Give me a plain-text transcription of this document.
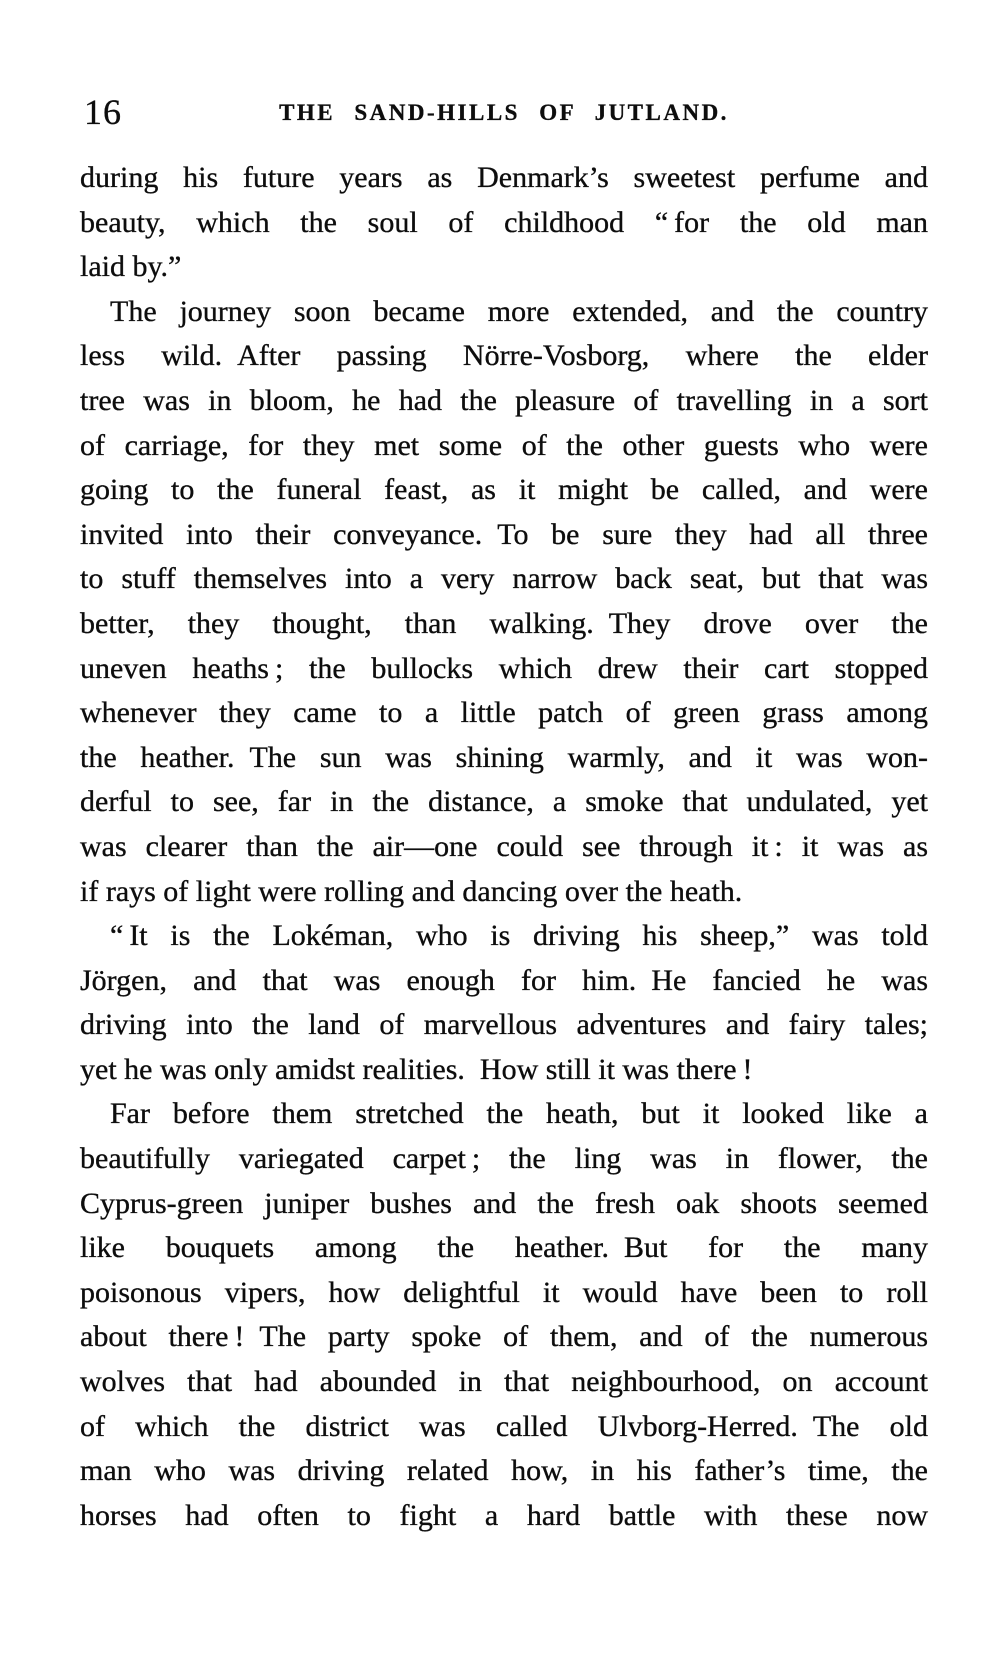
16	THE SAND-HILLS OF JUTLAND.
during his future years as Denmark’s sweetest perfume and
beauty, which the soul of childhood “ for the old man
laid by.”
The journey soon became more extended, and the country
less wild. After passing Nörre-Vosborg, where the elder
tree was in bloom, he had the pleasure of travelling in a sort
of carriage, for they met some of the other guests who were
going to the funeral feast, as it might be called, and were
invited into their conveyance. To be sure they had all three
to stuff themselves into a very narrow back seat, but that was
better, they thought, than walking. They drove over the
uneven heaths ; the bullocks which drew their cart stopped
whenever they came to a little patch of green grass among
the heather. The sun was shining warmly, and it was won-
derful to see, far in the distance, a smoke that undulated, yet
was clearer than the air—one could see through it : it was as
if rays of light were rolling and dancing over the heath.
“ It is the Lokéman, who is driving his sheep,” was told
Jörgen, and that was enough for him. He fancied he was
driving into the land of marvellous adventures and fairy tales;
yet he was only amidst realities. How still it was there !
Far before them stretched the heath, but it looked like a
beautifully variegated carpet ; the ling was in flower, the
Cyprus-green juniper bushes and the fresh oak shoots seemed
like bouquets among the heather. But for the many
poisonous vipers, how delightful it would have been to roll
about there ! The party spoke of them, and of the numerous
wolves that had abounded in that neighbourhood, on account
of which the district was called Ulvborg-Herred. The old
man who was driving related how, in his father’s time, the
horses had often to fight a hard battle with these now
